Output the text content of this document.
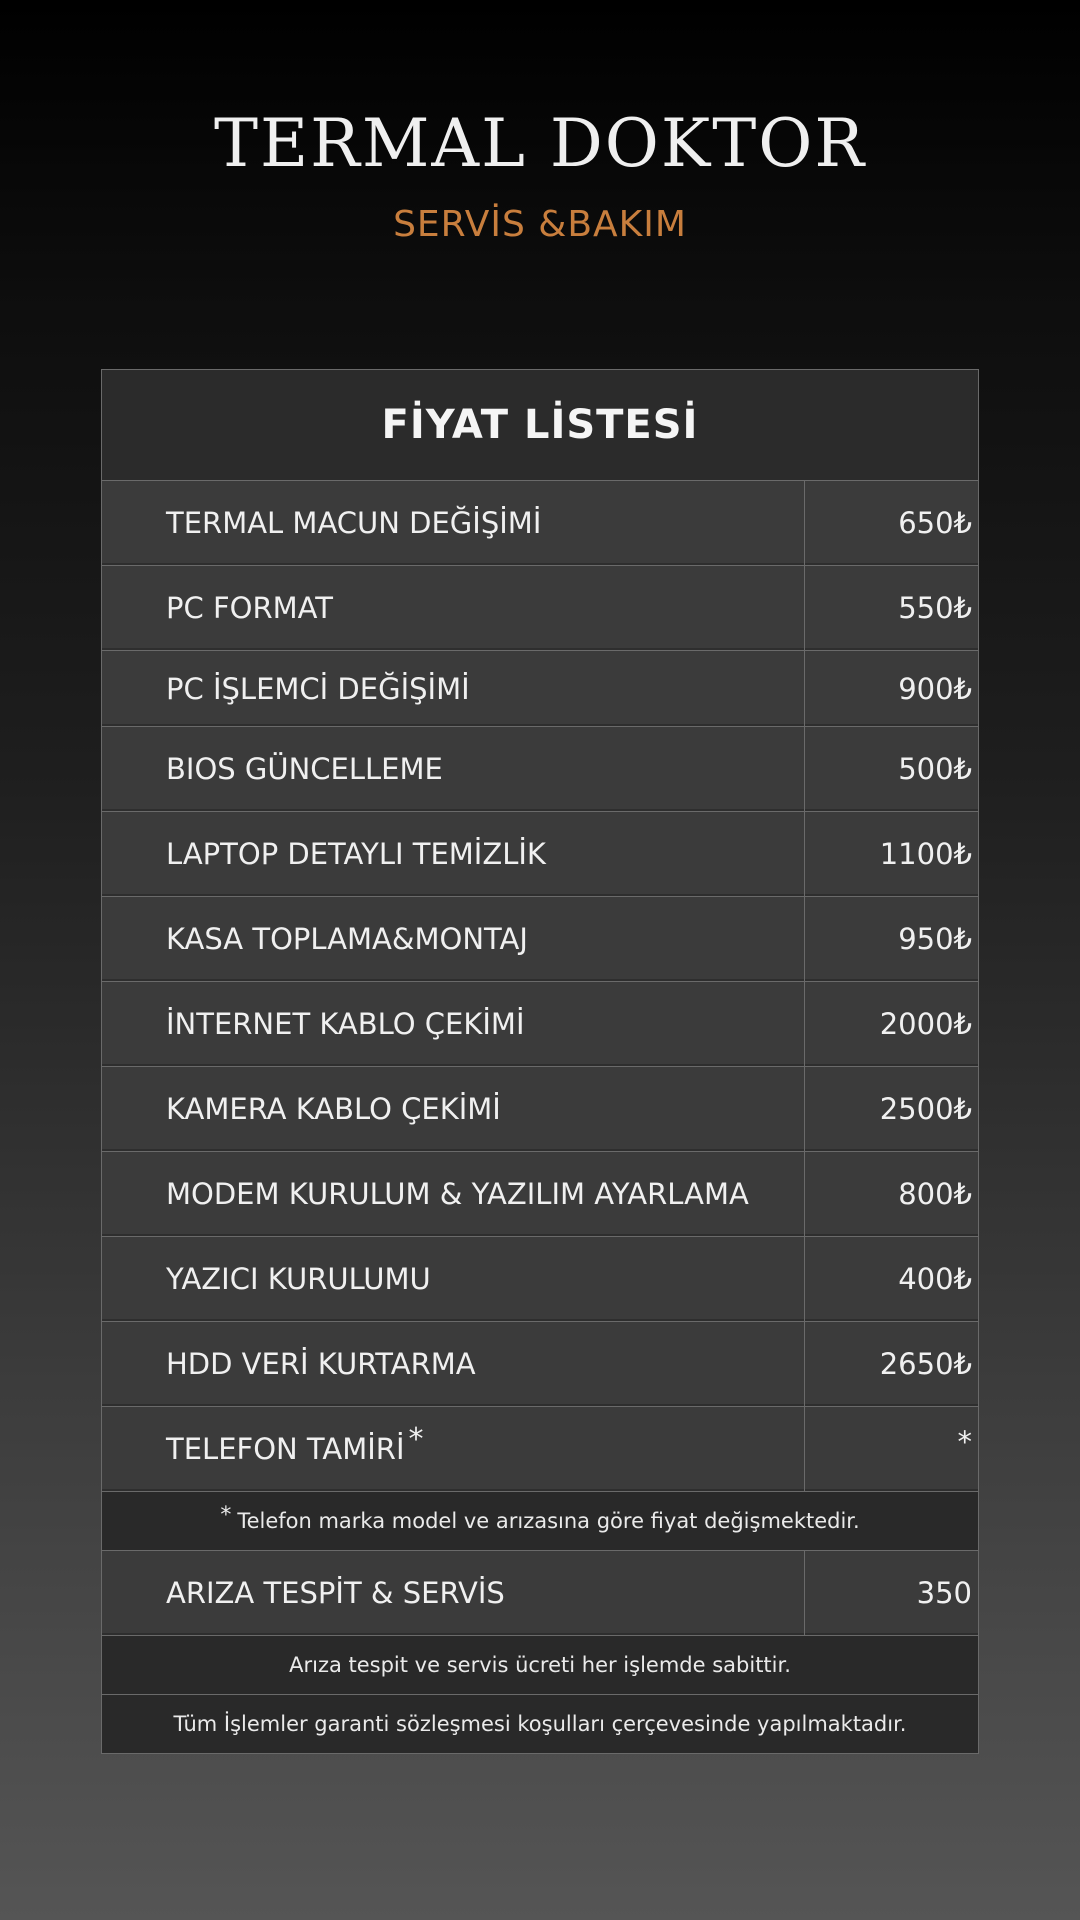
TERMAL DOKTOR
SERVİS &BAKIM
FİYAT LİSTESİ
TERMAL MACUN DEĞİŞİMİ	650₺
PC FORMAT	550₺
PC İŞLEMCİ DEĞİŞİMİ	900₺
BIOS GÜNCELLEME	500₺
LAPTOP DETAYLI TEMİZLİK	1100₺
KASA TOPLAMA&MONTAJ	950₺
İNTERNET KABLO ÇEKİMİ	2000₺
KAMERA KABLO ÇEKİMİ	2500₺
MODEM KURULUM & YAZILIM AYARLAMA	800₺
YAZICI KURULUMU	400₺
HDD VERİ KURTARMA	2650₺
TELEFON TAMİRİ *	*
* Telefon marka model ve arızasına göre fiyat değişmektedir.
ARIZA TESPİT & SERVİS	350
Arıza tespit ve servis ücreti her işlemde sabittir.
Tüm İşlemler garanti sözleşmesi koşulları çerçevesinde yapılmaktadır.
